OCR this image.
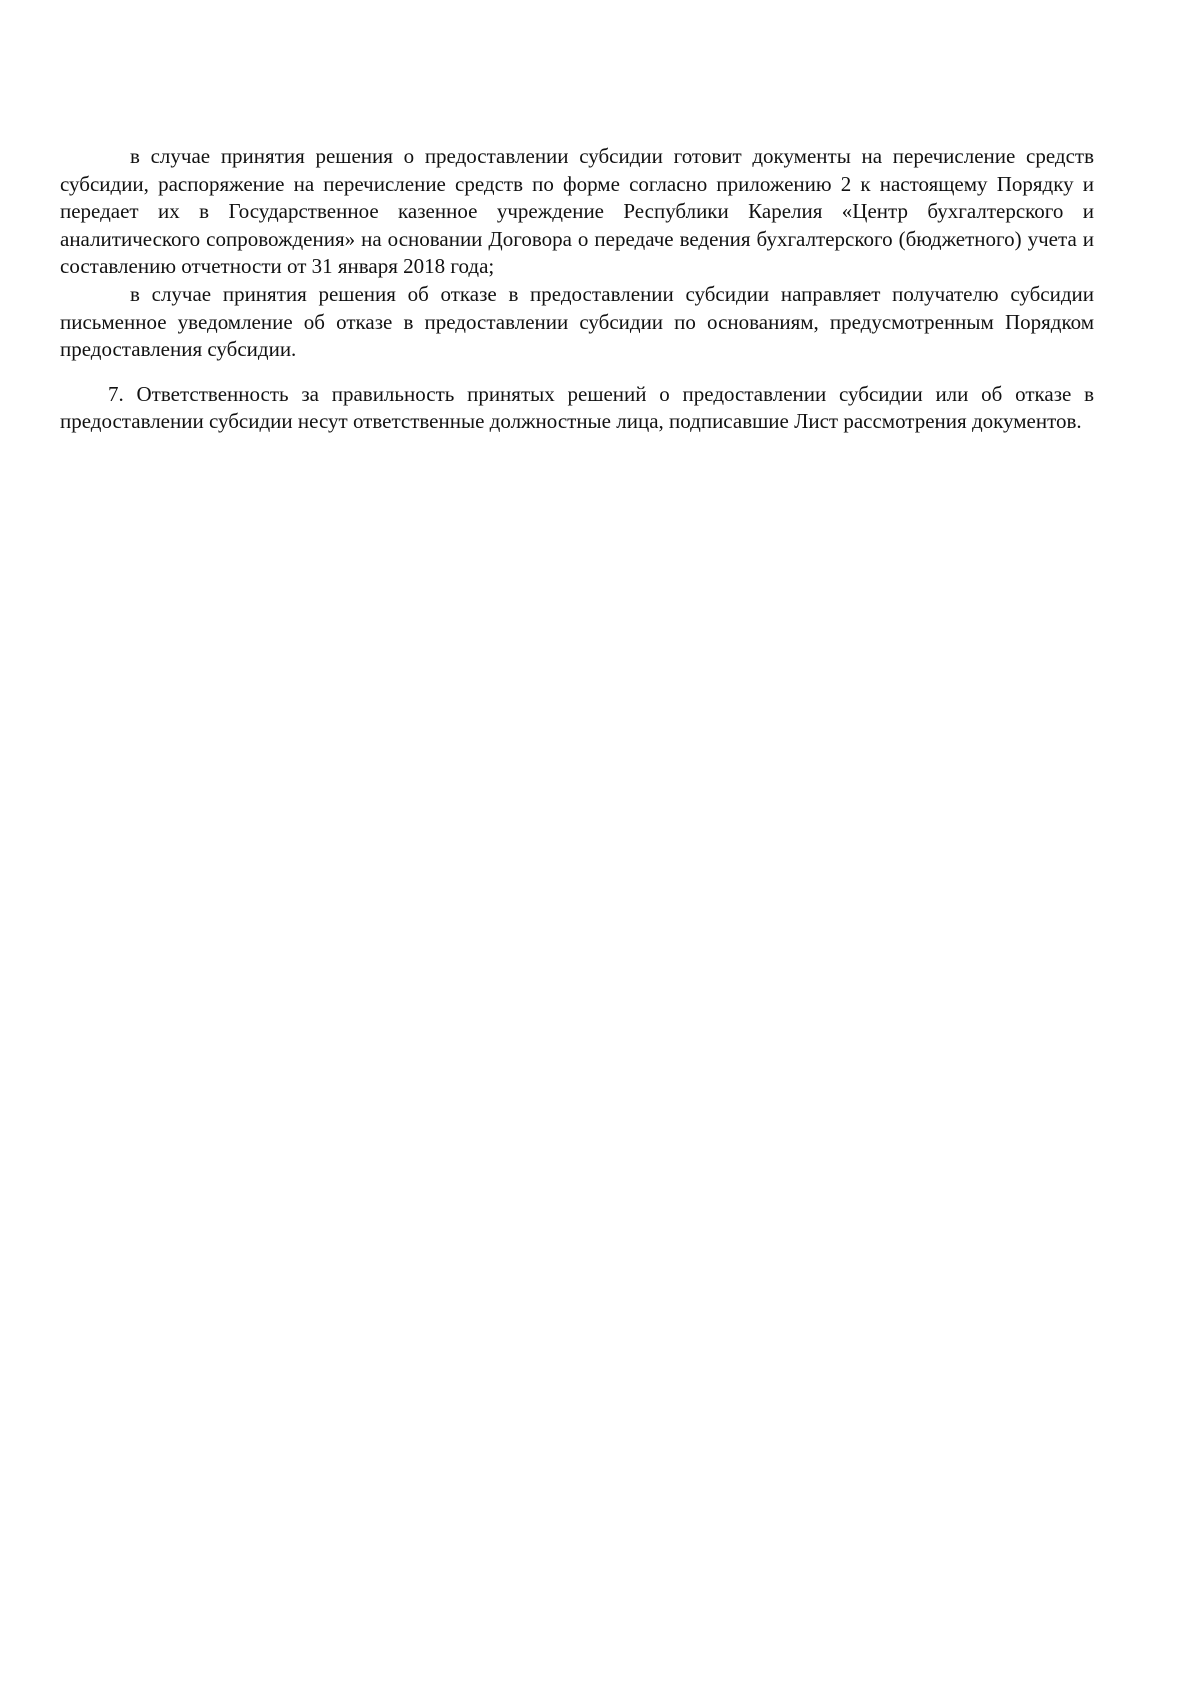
в случае принятия решения о предоставлении субсидии готовит документы на перечисление средств субсидии, распоряжение на перечисление средств по форме согласно приложению 2 к настоящему Порядку и передает их в Государственное казенное учреждение Республики Карелия «Центр бухгалтерского и аналитического сопровождения» на основании Договора о передаче ведения бухгалтерского (бюджетного) учета и составлению отчетности от 31 января 2018 года;

в случае принятия решения об отказе в предоставлении субсидии направляет получателю субсидии письменное уведомление об отказе в предоставлении субсидии по основаниям, предусмотренным Порядком предоставления субсидии.

7. Ответственность за правильность принятых решений о предоставлении субсидии или об отказе в предоставлении субсидии несут ответственные должностные лица, подписавшие Лист рассмотрения документов.
